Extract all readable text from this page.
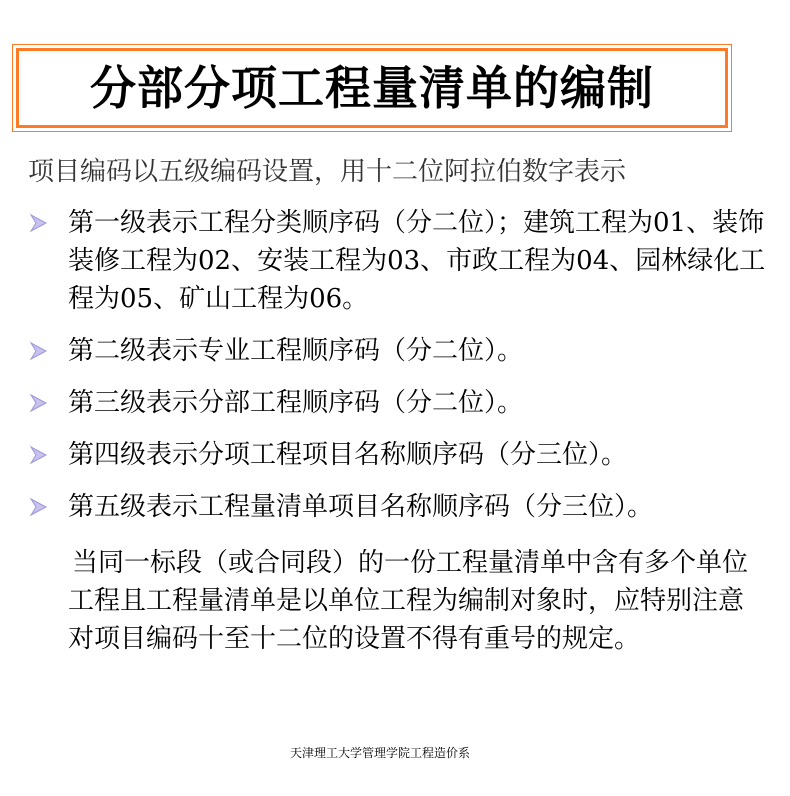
分部分项工程量清单的编制
项目编码以五级编码设置，用十二位阿拉伯数字表示
第一级表示工程分类顺序码（分二位）；建筑工程为01、装饰装修工程为02、安装工程为03、市政工程为04、园林绿化工程为05、矿山工程为06。
第二级表示专业工程顺序码（分二位）。
第三级表示分部工程顺序码（分二位）。
第四级表示分项工程项目名称顺序码（分三位）。
第五级表示工程量清单项目名称顺序码（分三位）。
当同一标段（或合同段）的一份工程量清单中含有多个单位工程且工程量清单是以单位工程为编制对象时，应特别注意对项目编码十至十二位的设置不得有重号的规定。
天津理工大学管理学院工程造价系
